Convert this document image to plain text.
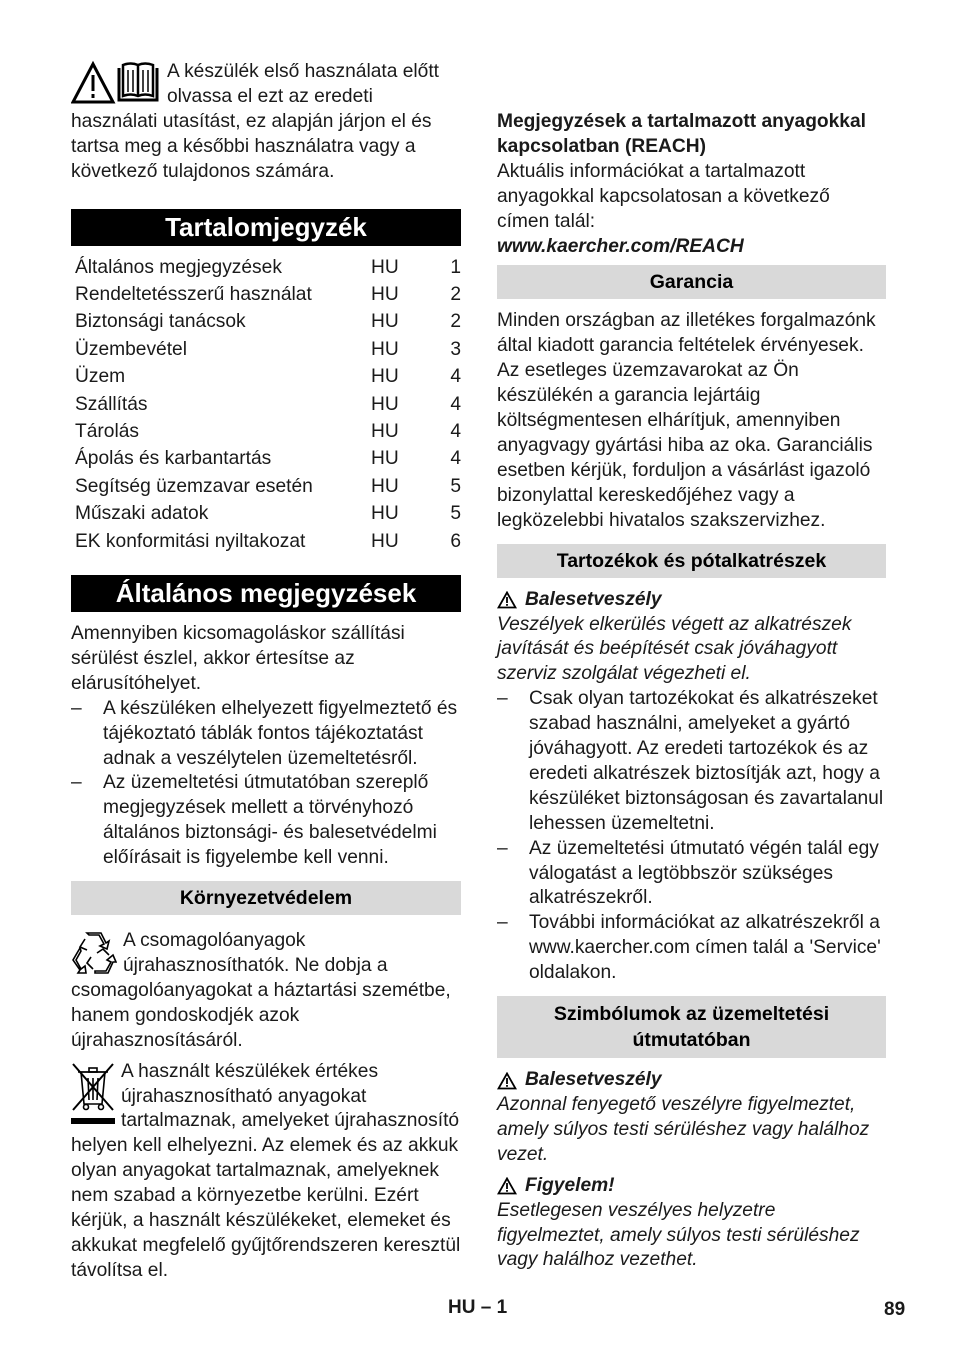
A készülék első használata előtt olvassa el ezt az eredeti használati utasítást, ez alapján járjon el és tartsa meg a későbbi használatra vagy a következő tulajdonos számára.

Tartalomjegyzék
Általános megjegyzések	HU	1
Rendeltetésszerű használat	HU	2
Biztonsági tanácsok	HU	2
Üzembevétel	HU	3
Üzem	HU	4
Szállítás	HU	4
Tárolás	HU	4
Ápolás és karbantartás	HU	4
Segítség üzemzavar esetén	HU	5
Műszaki adatok	HU	5
EK konformitási nyiltakozat	HU	6
Általános megjegyzések

Amennyiben kicsomagoláskor szállítási sérülést észlel, akkor értesítse az elárusítóhelyet.

– A készüléken elhelyezett figyelmeztető és tájékoztató táblák fontos tájékoztatást adnak a veszélytelen üzemeltetésről.
– Az üzemeltetési útmutatóban szereplő megjegyzések mellett a törvényhozó általános biztonsági- és balesetvédelmi előírásait is figyelembe kell venni.
Környezetvédelem

A csomagolóanyagok újrahasznosíthatók. Ne dobja a csomagolóanyagokat a háztartási szemétbe, hanem gondoskodjék azok újrahasznosításáról.

A használt készülékek értékes újrahasznosítható anyagokat tartalmaznak, amelyeket újrahasznosító helyen kell elhelyezni. Az elemek és az akkuk olyan anyagokat tartalmaznak, amelyeknek nem szabad a környezetbe kerülni. Ezért kérjük, a használt készülékeket, elemeket és akkukat megfelelő gyűjtőrendszeren keresztül távolítsa el.

Megjegyzések a tartalmazott anyagokkal kapcsolatban (REACH)

Aktuális információkat a tartalmazott anyagokkal kapcsolatosan a következő címen talál:

www.kaercher.com/REACH

Garancia

Minden országban az illetékes forgalmazónk által kiadott garancia feltételek érvényesek. Az esetleges üzemzavarokat az Ön készülékén a garancia lejártáig költségmentesen elhárítjuk, amennyiben anyagvagy gyártási hiba az oka. Garanciális esetben kérjük, forduljon a vásárlást igazoló bizonylattal kereskedőjéhez vagy a legközelebbi hivatalos szakszervizhez.

Tartozékok és pótalkatrészek
Balesetveszély

Veszélyek elkerülés végett az alkatrészek javítását és beépítését csak jóváhagyott szerviz szolgálat végezheti el.

– Csak olyan tartozékokat és alkatrészeket szabad használni, amelyeket a gyártó jóváhagyott. Az eredeti tartozékok és az eredeti alkatrészek biztosítják azt, hogy a készüléket biztonságosan és zavartalanul lehessen üzemeltetni.
– Az üzemeltetési útmutató végén talál egy válogatást a legtöbbször szükséges alkatrészekről.
– További információkat az alkatrészekről a www.kaercher.com címen talál a 'Service' oldalakon.
Szimbólumok az üzemeltetési útmutatóban
Balesetveszély

Azonnal fenyegető veszélyre figyelmeztet, amely súlyos testi sérüléshez vagy halálhoz vezet.

Figyelem!

Esetlegesen veszélyes helyzetre figyelmeztet, amely súlyos testi sérüléshez vagy halálhoz vezethet.

HU – 1	89
